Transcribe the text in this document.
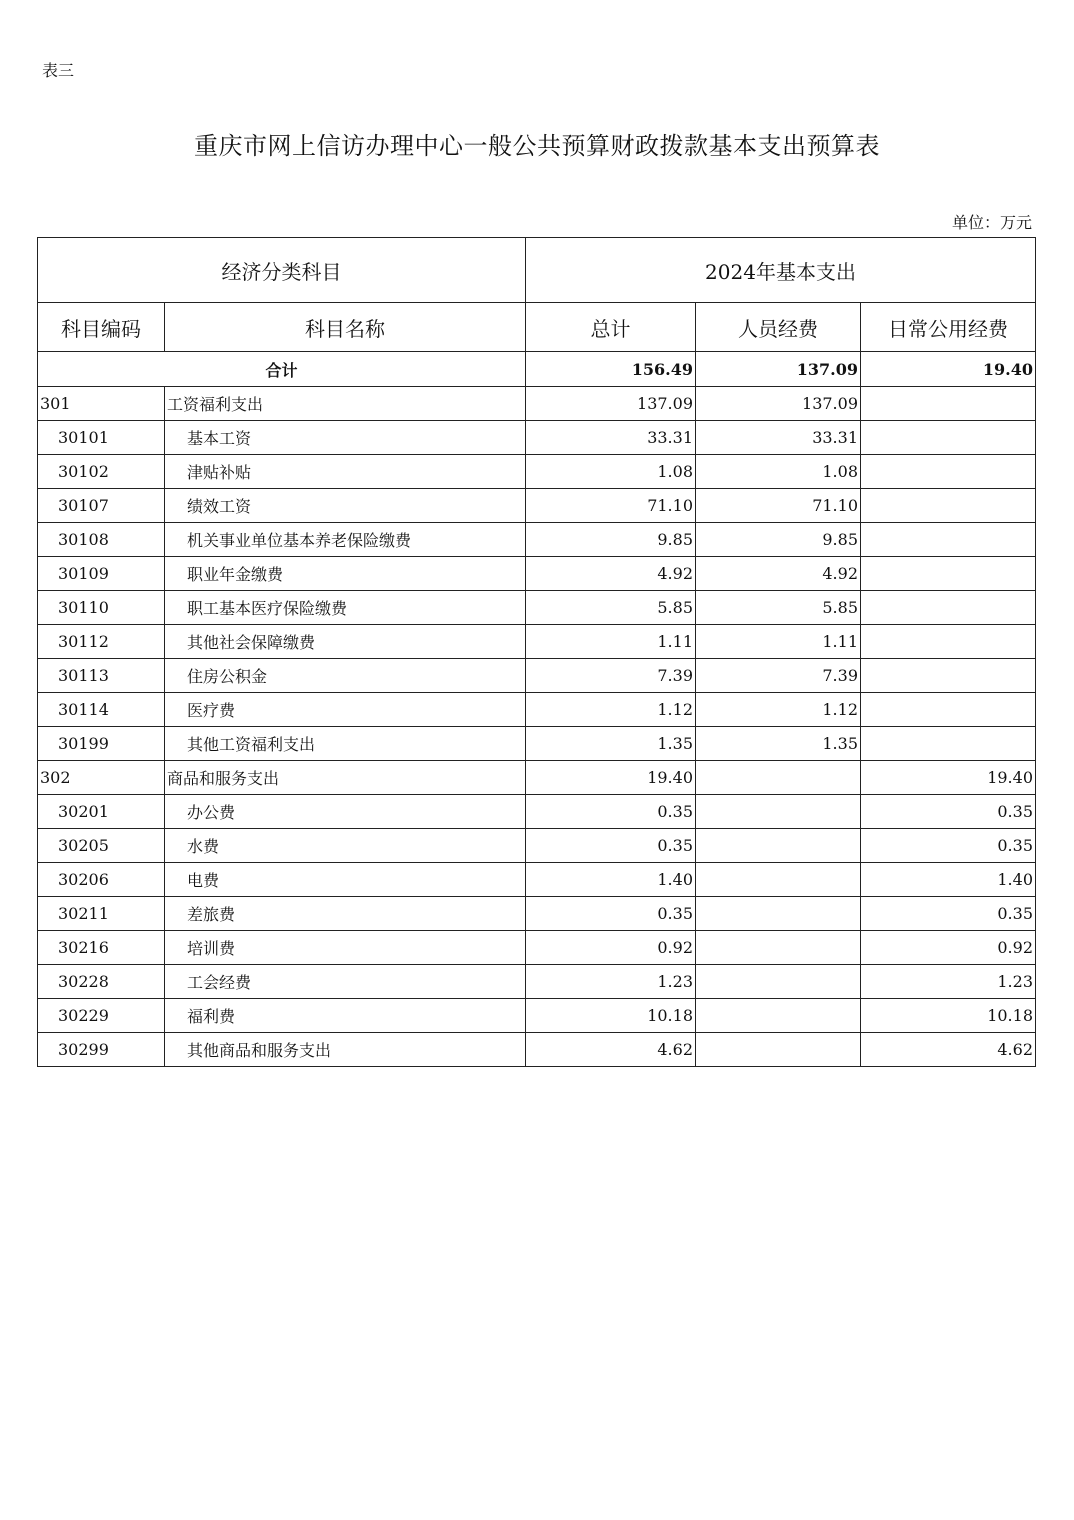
表三
重庆市网上信访办理中心一般公共预算财政拨款基本支出预算表
单位：万元
经济分类科目		2024年基本支出		
科目编码	科目名称	总计	人员经费	日常公用经费
合计		156.49	137.09	19.40
301	工资福利支出	137.09	137.09	
30101	基本工资	33.31	33.31	
30102	津贴补贴	1.08	1.08	
30107	绩效工资	71.10	71.10	
30108	机关事业单位基本养老保险缴费	9.85	9.85	
30109	职业年金缴费	4.92	4.92	
30110	职工基本医疗保险缴费	5.85	5.85	
30112	其他社会保障缴费	1.11	1.11	
30113	住房公积金	7.39	7.39	
30114	医疗费	1.12	1.12	
30199	其他工资福利支出	1.35	1.35	
302	商品和服务支出	19.40		19.40
30201	办公费	0.35		0.35
30205	水费	0.35		0.35
30206	电费	1.40		1.40
30211	差旅费	0.35		0.35
30216	培训费	0.92		0.92
30228	工会经费	1.23		1.23
30229	福利费	10.18		10.18
30299	其他商品和服务支出	4.62		4.62
